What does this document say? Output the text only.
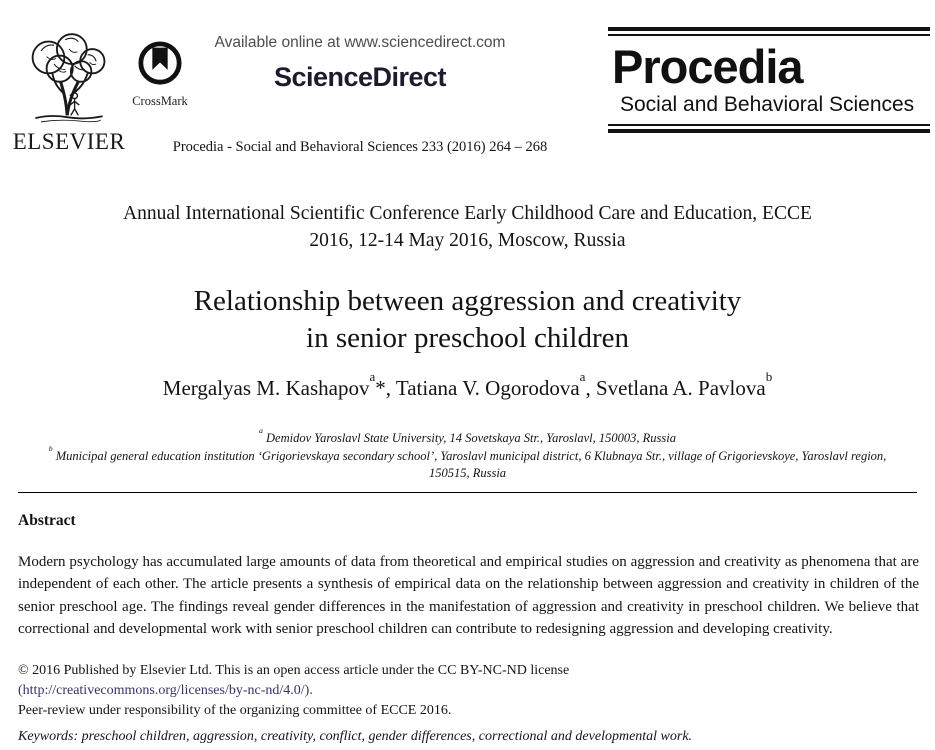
ELSEVIER
CrossMark
Available online at www.sciencedirect.com
ScienceDirect
Procedia - Social and Behavioral Sciences 233 (2016) 264 – 268
Procedia
Social and Behavioral Sciences
Annual International Scientific Conference Early Childhood Care and Education, ECCE
2016, 12-14 May 2016, Moscow, Russia
Relationship between aggression and creativity
in senior preschool children
Mergalyas M. Kashapov$^a$*, Tatiana V. Ogorodova$^a$, Svetlana A. Pavlova$^b$
$^a$ Demidov Yaroslavl State University, 14 Sovetskaya Str., Yaroslavl, 150003, Russia
$^b$ Municipal general education institution ‘Grigorievskaya secondary school’, Yaroslavl municipal district, 6 Klubnaya Str., village of Grigorievskoye, Yaroslavl region, 150515, Russia
Abstract
Modern psychology has accumulated large amounts of data from theoretical and empirical studies on aggression and creativity as phenomena that are independent of each other. The article presents a synthesis of empirical data on the relationship between aggression and creativity in children of the senior preschool age. The findings reveal gender differences in the manifestation of aggression and creativity in preschool children. We believe that correctional and developmental work with senior preschool children can contribute to redesigning aggression and developing creativity.
© 2016 Published by Elsevier Ltd. This is an open access article under the CC BY-NC-ND license
(http://creativecommons.org/licenses/by-nc-nd/4.0/).
Peer-review under responsibility of the organizing committee of ECCE 2016.
Keywords: preschool children, aggression, creativity, conflict, gender differences, correctional and developmental work.
